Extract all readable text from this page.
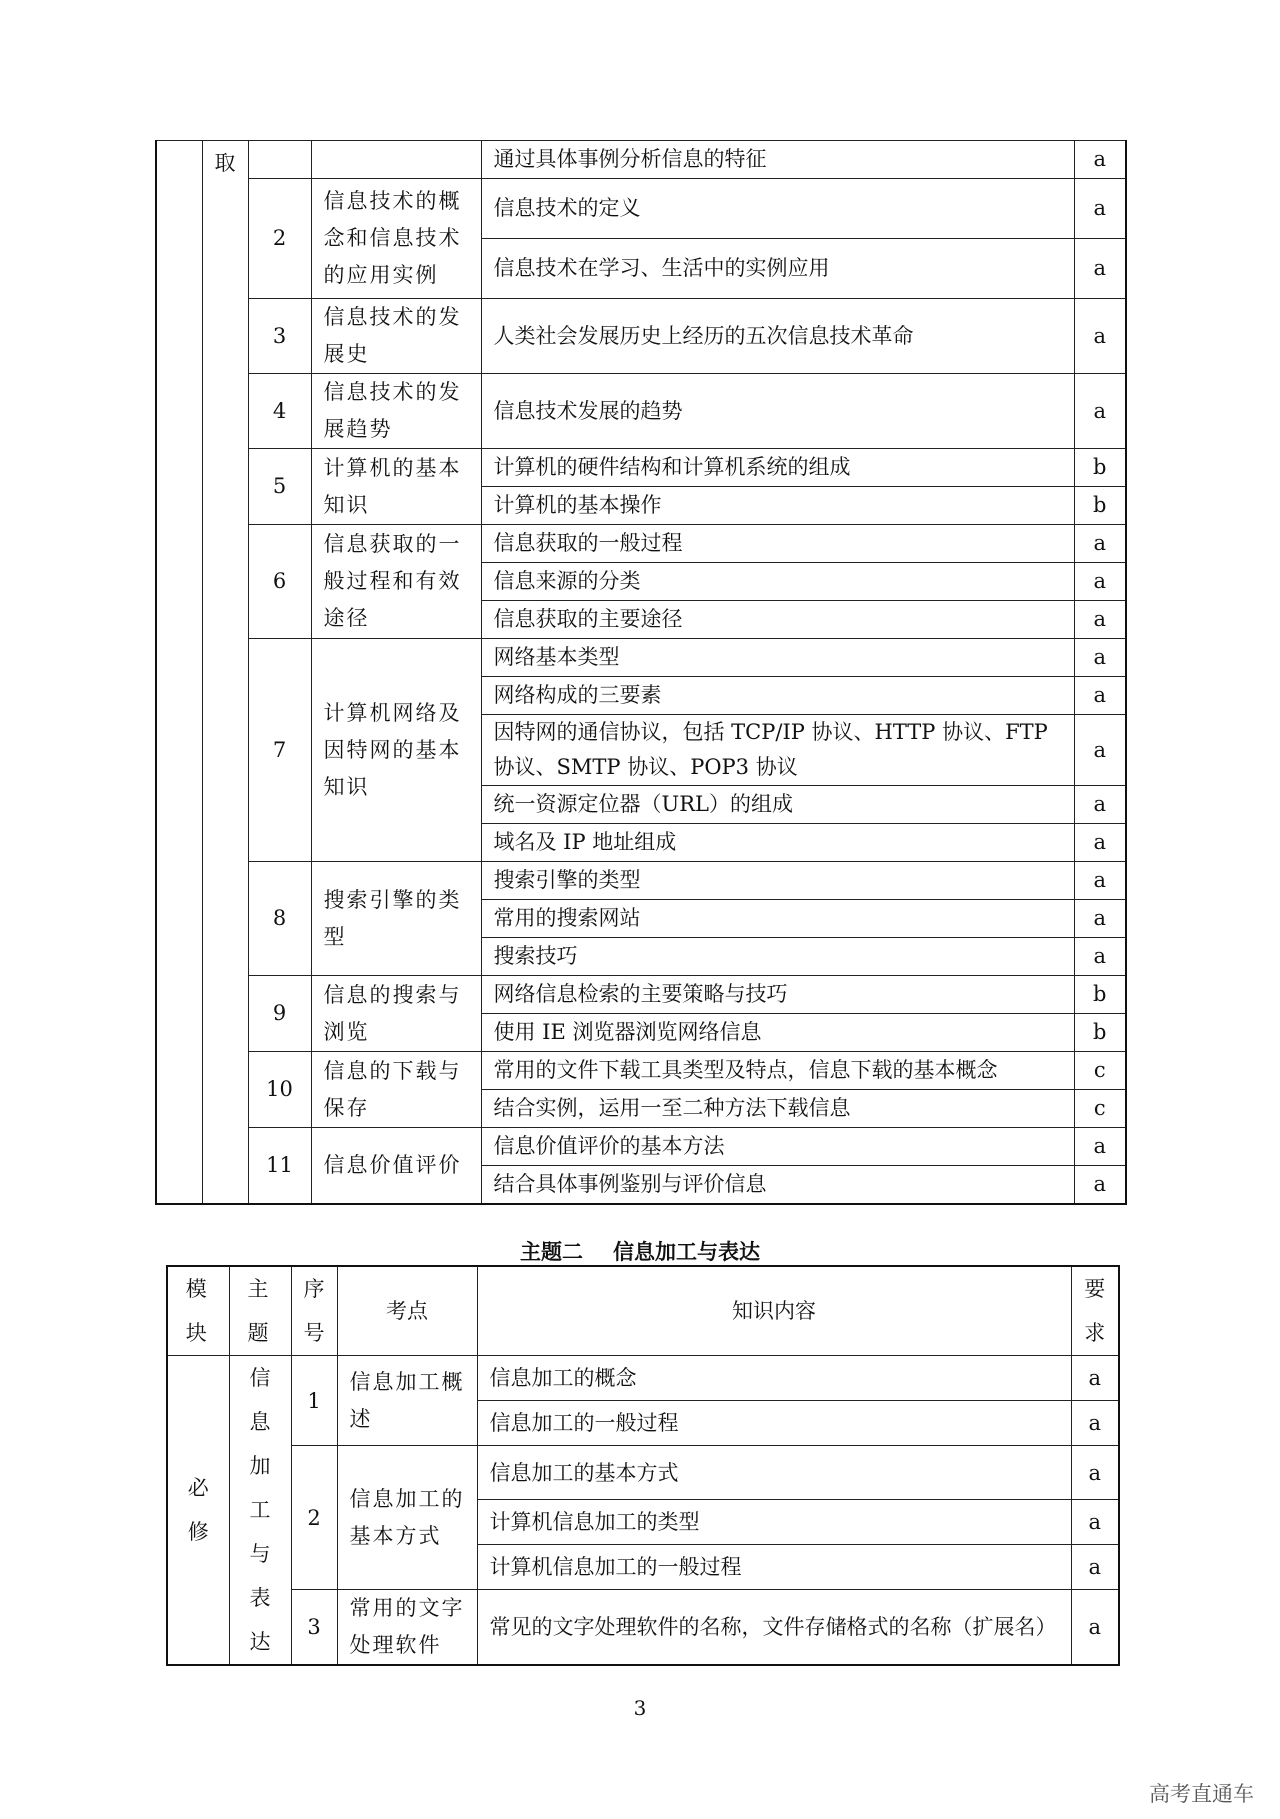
	取			通过具体事例分析信息的特征	a
		2	信息技术的概念和信息技术的应用实例	信息技术的定义	a
				信息技术在学习、生活中的实例应用	a
		3	信息技术的发展史	人类社会发展历史上经历的五次信息技术革命	a
		4	信息技术的发展趋势	信息技术发展的趋势	a
		5	计算机的基本知识	计算机的硬件结构和计算机系统的组成	b
				计算机的基本操作	b
		6	信息获取的一般过程和有效途径	信息获取的一般过程	a
				信息来源的分类	a
				信息获取的主要途径	a
		7	计算机网络及因特网的基本知识	网络基本类型	a
				网络构成的三要素	a
				因特网的通信协议，包括 TCP/IP 协议、HTTP 协议、FTP 协议、SMTP 协议、POP3 协议	a
				统一资源定位器（URL）的组成	a
				域名及 IP 地址组成	a
		8	搜索引擎的类型	搜索引擎的类型	a
				常用的搜索网站	a
				搜索技巧	a
		9	信息的搜索与浏览	网络信息检索的主要策略与技巧	b
				使用 IE 浏览器浏览网络信息	b
		10	信息的下载与保存	常用的文件下载工具类型及特点，信息下载的基本概念	c
				结合实例，运用一至二种方法下载信息	c
		11	信息价值评价	信息价值评价的基本方法	a
				结合具体事例鉴别与评价信息	a
主题二 信息加工与表达
模块	主题	序号	考点	知识内容	要求
必修	信息加工与表达	1	信息加工概述	信息加工的概念	a
				信息加工的一般过程	a
		2	信息加工的基本方式	信息加工的基本方式	a
				计算机信息加工的类型	a
				计算机信息加工的一般过程	a
		3	常用的文字处理软件	常见的文字处理软件的名称，文件存储格式的名称（扩展名）	a
3
高考直通车
